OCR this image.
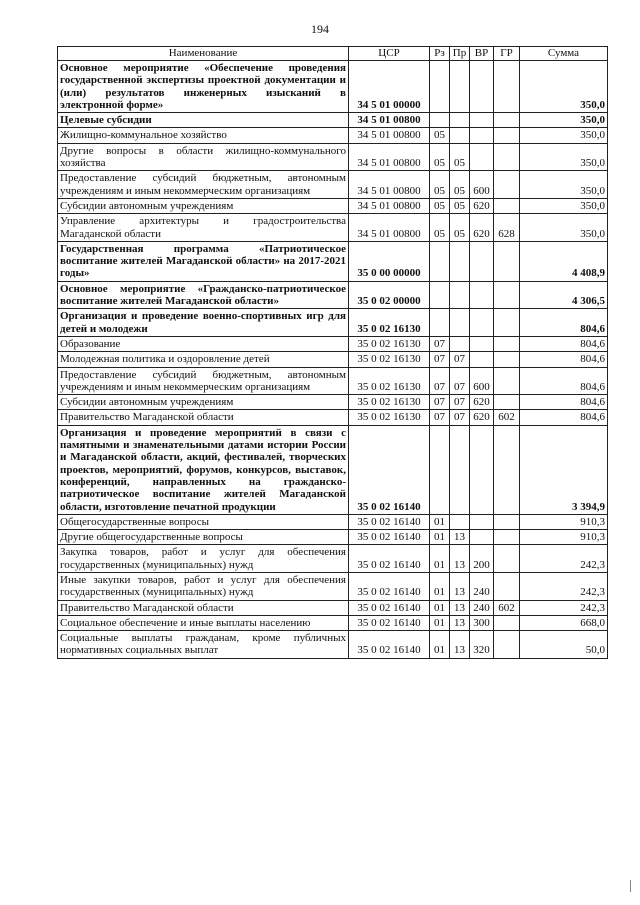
194
Наименование	ЦСР	Рз	Пр	ВР	ГР	Сумма
Основное мероприятие «Обеспечение проведения государственной экспертизы проектной документации и (или) результатов инженерных изысканий в электронной форме»	34 5 01 00000					350,0
Целевые субсидии	34 5 01 00800					350,0
Жилищно-коммунальное хозяйство	34 5 01 00800	05				350,0
Другие вопросы в области жилищно-коммунального хозяйства	34 5 01 00800	05	05			350,0
Предоставление субсидий бюджетным, автономным учреждениям и иным некоммерческим организациям	34 5 01 00800	05	05	600		350,0
Субсидии автономным учреждениям	34 5 01 00800	05	05	620		350,0
Управление архитектуры и градостроительства Магаданской области	34 5 01 00800	05	05	620	628	350,0
Государственная программа «Патриотическое воспитание жителей Магаданской области» на 2017-2021 годы»	35 0 00 00000					4 408,9
Основное мероприятие «Гражданско-патриотическое воспитание жителей Магаданской области»	35 0 02 00000					4 306,5
Организация и проведение военно-спортивных игр для детей и молодежи	35 0 02 16130					804,6
Образование	35 0 02 16130	07				804,6
Молодежная политика и оздоровление детей	35 0 02 16130	07	07			804,6
Предоставление субсидий бюджетным, автономным учреждениям и иным некоммерческим организациям	35 0 02 16130	07	07	600		804,6
Субсидии автономным учреждениям	35 0 02 16130	07	07	620		804,6
Правительство Магаданской области	35 0 02 16130	07	07	620	602	804,6
Организация и проведение мероприятий в связи с памятными и знаменательными датами истории России и Магаданской области, акций, фестивалей, творческих проектов, мероприятий, форумов, конкурсов, выставок, конференций, направленных на гражданско-патриотическое воспитание жителей Магаданской области, изготовление печатной продукции	35 0 02 16140					3 394,9
Общегосударственные вопросы	35 0 02 16140	01				910,3
Другие общегосударственные вопросы	35 0 02 16140	01	13			910,3
Закупка товаров, работ и услуг для обеспечения государственных (муниципальных) нужд	35 0 02 16140	01	13	200		242,3
Иные закупки товаров, работ и услуг для обеспечения государственных (муниципальных) нужд	35 0 02 16140	01	13	240		242,3
Правительство Магаданской области	35 0 02 16140	01	13	240	602	242,3
Социальное обеспечение и иные выплаты населению	35 0 02 16140	01	13	300		668,0
Социальные выплаты гражданам, кроме публичных нормативных социальных выплат	35 0 02 16140	01	13	320		50,0
